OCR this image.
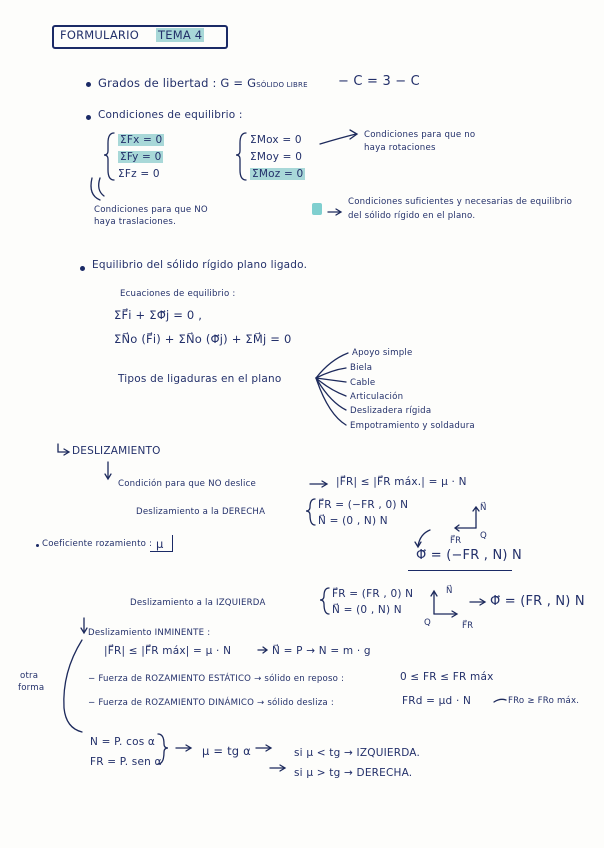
FORMULARIO TEMA 4
Grados de libertad : G = GSÓLIDO LIBRE − C = 3 − C
Condiciones de equilibrio :
ΣFx = 0
ΣFy = 0
ΣFz = 0
ΣMox = 0
ΣMoy = 0
ΣMoz = 0
Condiciones para que no
haya rotaciones
Condiciones para que NO
haya traslaciones.
Condiciones suficientes y necesarias de equilibrio
del sólido rígido en el plano.
Equilibrio del sólido rígido plano ligado.
Ecuaciones de equilibrio :
ΣF⃗i + ΣΦ⃗j = 0 ,
ΣN⃗o (F⃗i) + ΣN⃗o (Φ⃗j) + ΣM⃗j = 0
Tipos de ligaduras en el plano
Apoyo simple
Biela
Cable
Articulación
Deslizadera rígida
Empotramiento y soldadura
DESLIZAMIENTO
Condición para que NO deslice	|F⃗R| ≤ |F⃗R máx.| = μ · N
Deslizamiento a la DERECHA
F⃗R = (−FR , 0) N
N⃗ = (0 , N) N
N⃗
Q
F⃗R
Coeficiente rozamiento : μ
Φ⃗ = (−FR , N) N
Deslizamiento a la IZQUIERDA
F⃗R = (FR , 0) N
N⃗ = (0 , N) N
N⃗
Q	F⃗R
Φ⃗ = (FR , N) N
Deslizamiento INMINENTE :
|F⃗R| ≤ |F⃗R máx| = μ · N	N⃗ = P → N = m · g
otra
forma
− Fuerza de ROZAMIENTO ESTÁTICO → sólido en reposo :	0 ≤ FR ≤ FR máx
− Fuerza de ROZAMIENTO DINÁMICO → sólido desliza :	FRd = μd · N	FRo ≥ FRo máx.
N = P. cos α
FR = P. sen α
μ = tg α	si μ < tg → IZQUIERDA.
si μ > tg → DERECHA.
